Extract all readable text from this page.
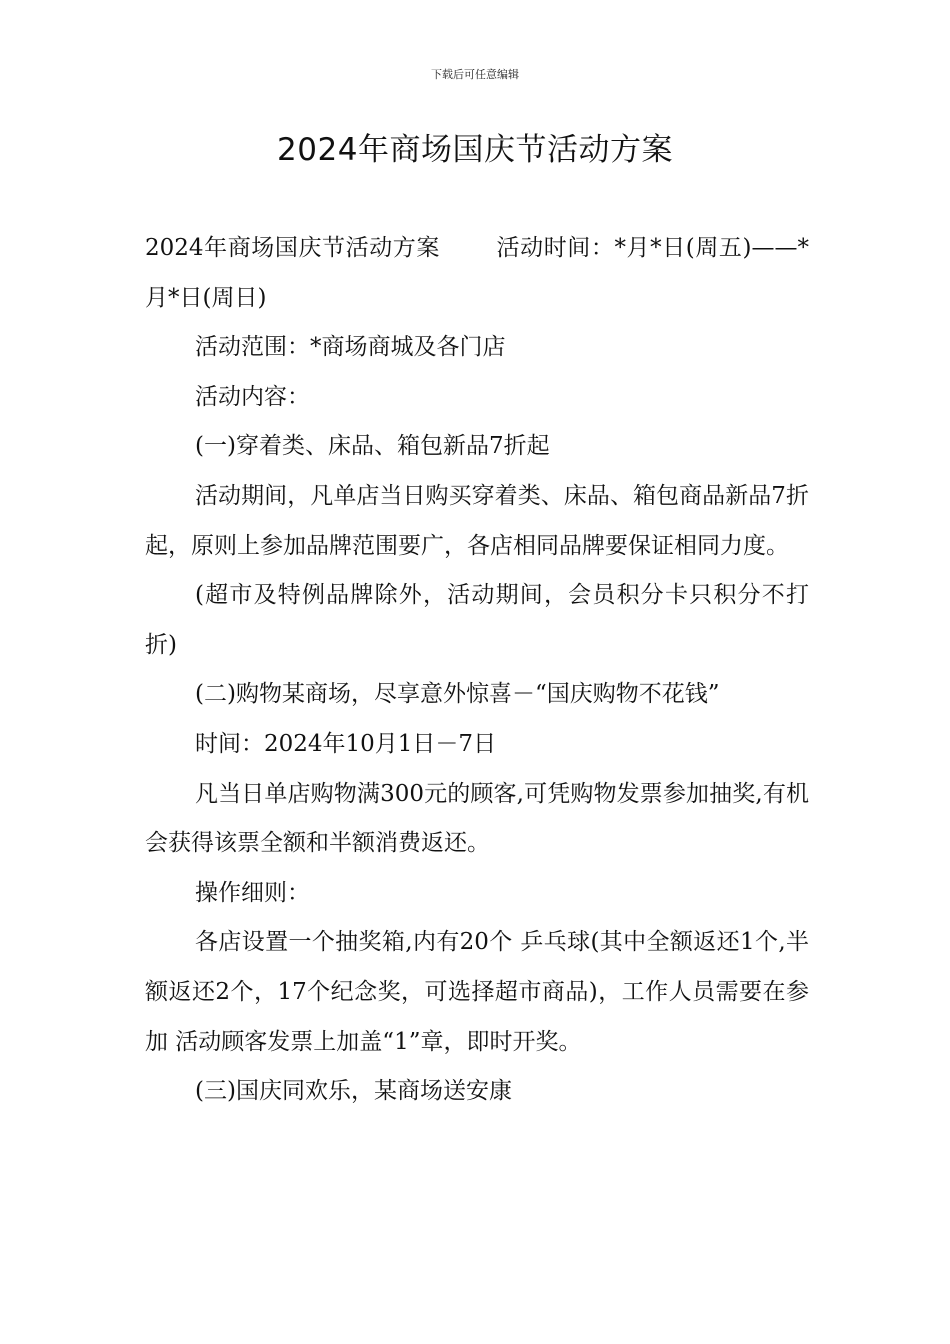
下载后可任意编辑
2024年商场国庆节活动方案

2024年商场国庆节活动方案 活动时间：*月*日(周五)——*月*日(周日)

活动范围：*商场商城及各门店

活动内容：

(一)穿着类、床品、箱包新品7折起

活动期间，凡单店当日购买穿着类、床品、箱包商品新品7折起，原则上参加品牌范围要广，各店相同品牌要保证相同力度。

(超市及特例品牌除外，活动期间，会员积分卡只积分不打折)

(二)购物某商场，尽享意外惊喜－“国庆购物不花钱”

时间：2024年10月1日－7日

凡当日单店购物满300元的顾客,可凭购物发票参加抽奖,有机会获得该票全额和半额消费返还。

操作细则：

各店设置一个抽奖箱,内有20个 乒乓球(其中全额返还1个,半额返还2个，17个纪念奖，可选择超市商品)，工作人员需要在参加 活动顾客发票上加盖“1”章，即时开奖。

(三)国庆同欢乐，某商场送安康
